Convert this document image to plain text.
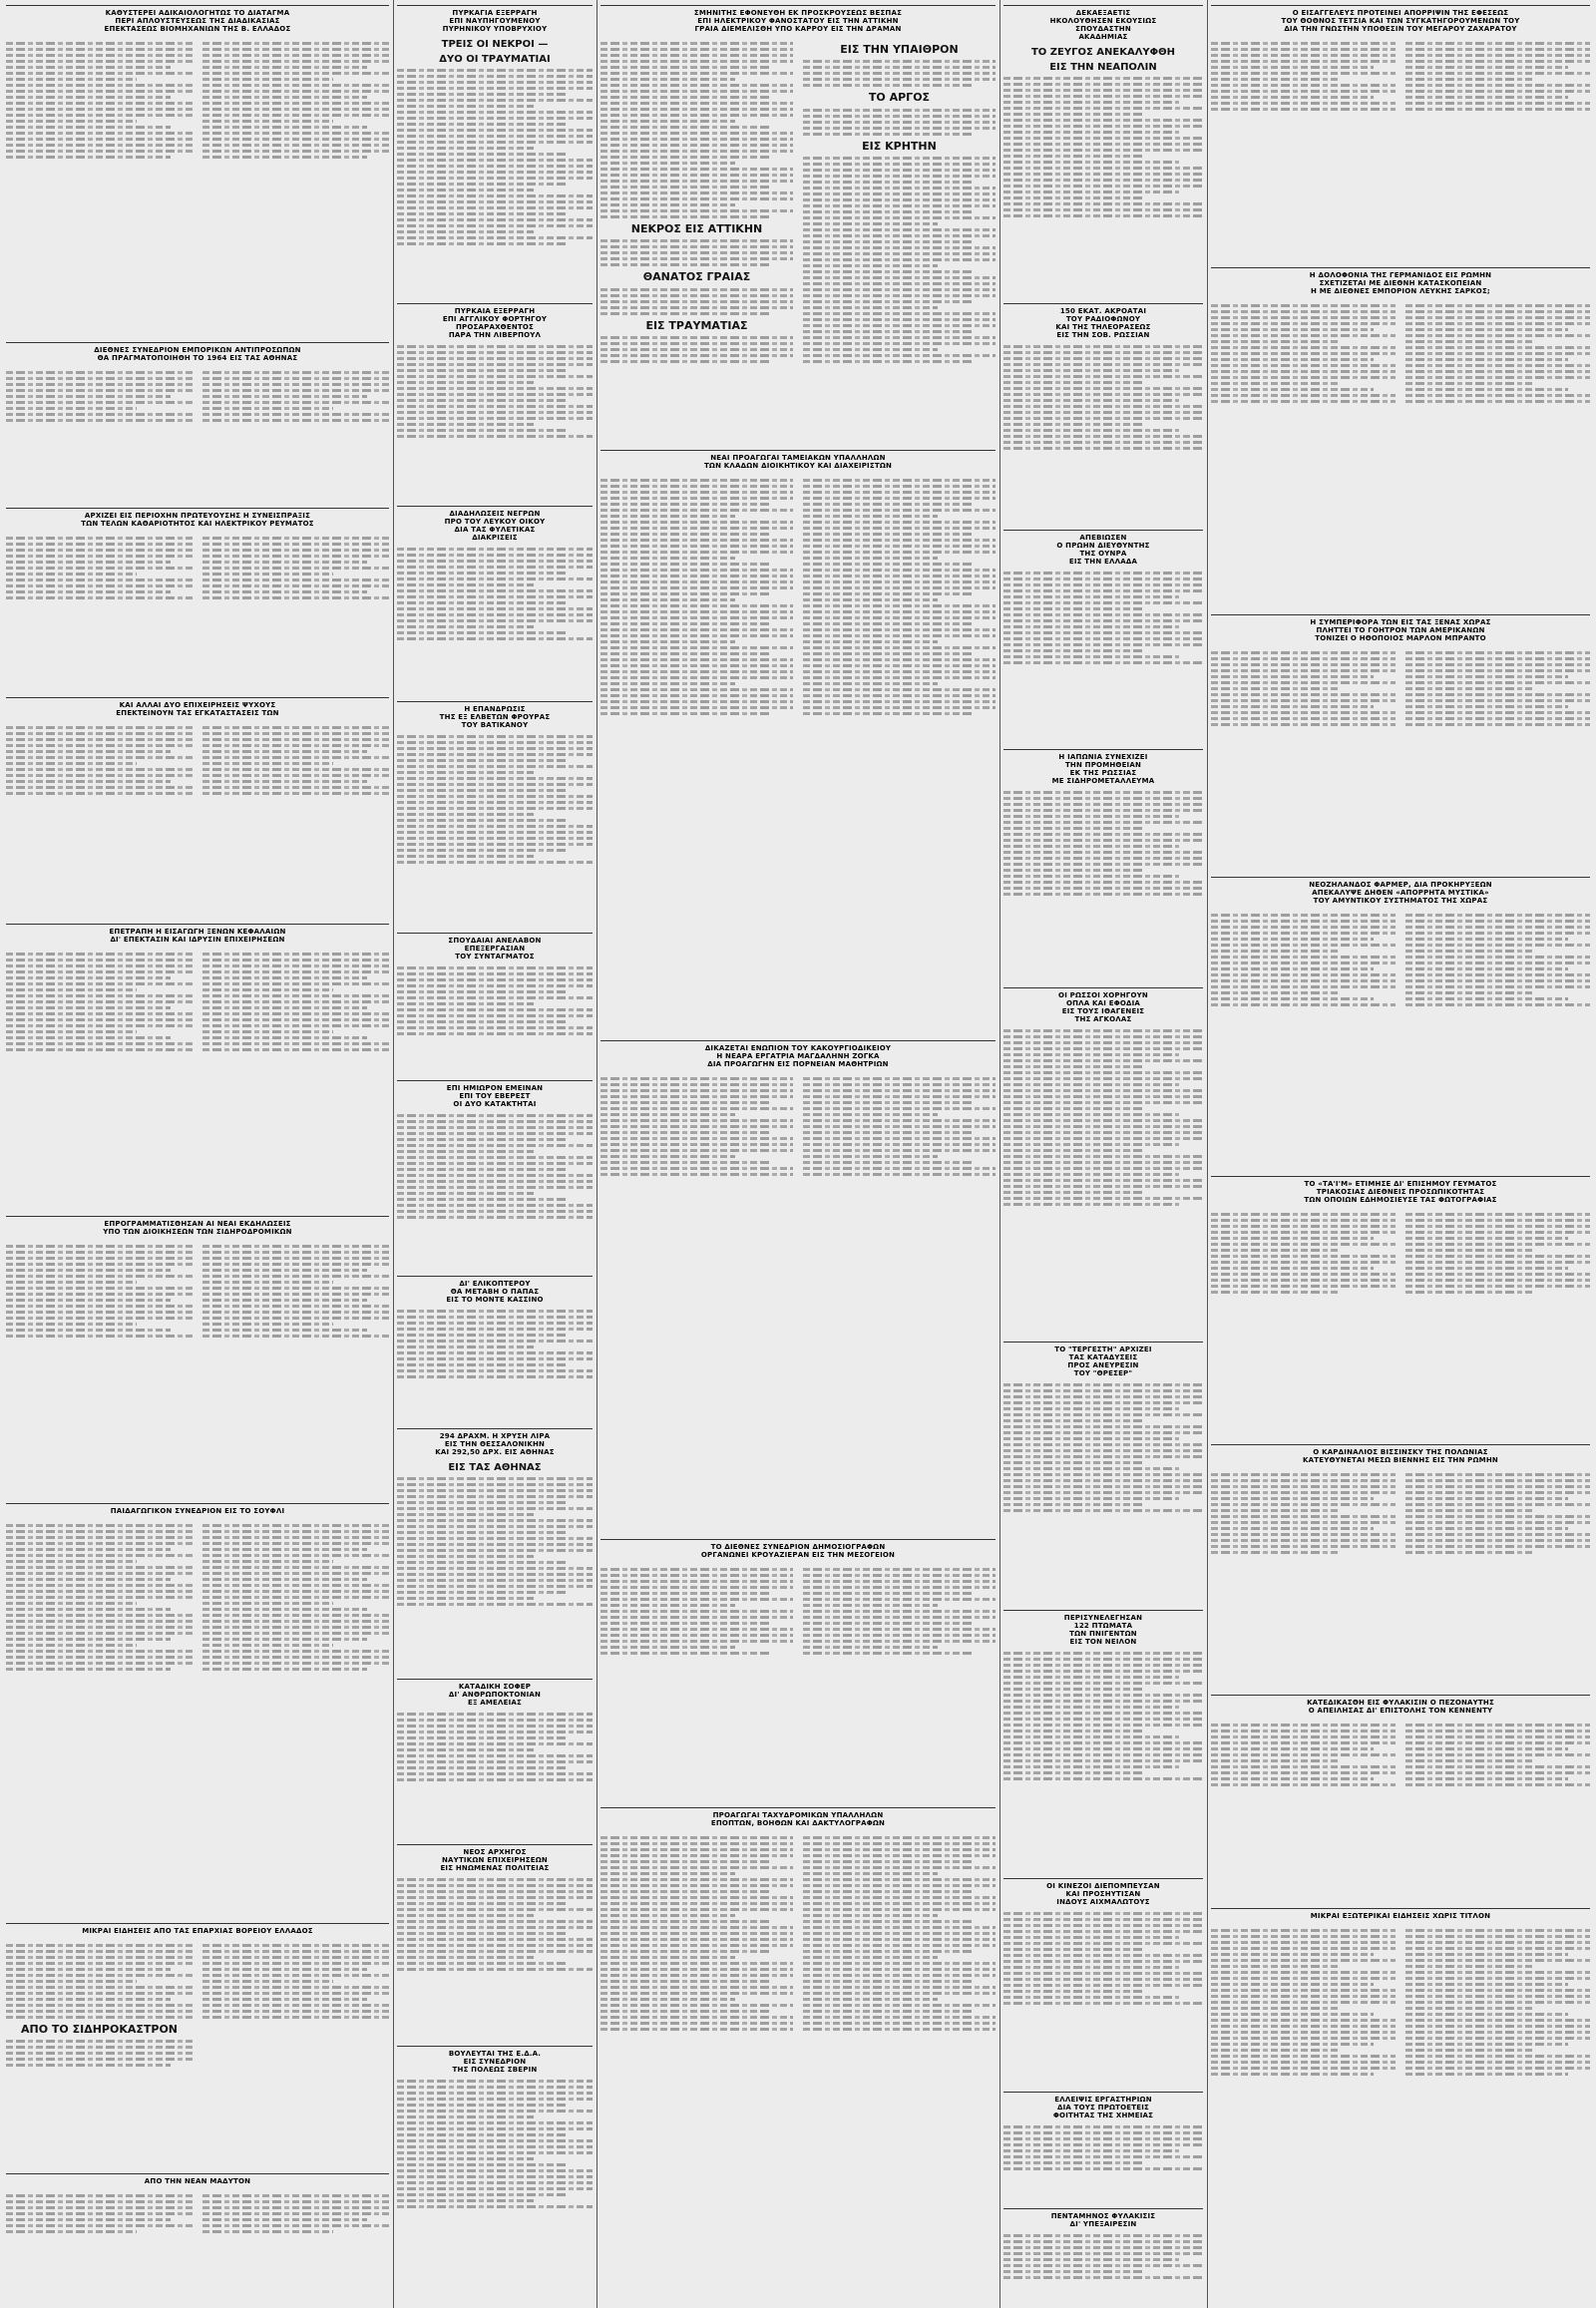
ΚΑΘΥΣΤΕΡΕΙ ΑΔΙΚΑΙΟΛΟΓΗΤΩΣ ΤΟ ΔΙΑΤΑΓΜΑ
ΠΕΡΙ ΑΠΛΟΥΣΤΕΥΣΕΩΣ ΤΗΣ ΔΙΑΔΙΚΑΣΙΑΣ
ΕΠΕΚΤΑΣΕΩΣ ΒΙΟΜΗΧΑΝΙΩΝ ΤΗΣ Β. ΕΛΛΑΔΟΣ
ΔΙΕΘΝΕΣ ΣΥΝΕΔΡΙΟΝ ΕΜΠΟΡΙΚΩΝ ΑΝΤΙΠΡΟΣΩΠΩΝ
ΘΑ ΠΡΑΓΜΑΤΟΠΟΙΗΘΗ ΤΟ 1964 ΕΙΣ ΤΑΣ ΑΘΗΝΑΣ
ΑΡΧΙΖΕΙ ΕΙΣ ΠΕΡΙΟΧΗΝ ΠΡΩΤΕΥΟΥΣΗΣ Η ΣΥΝΕΙΣΠΡΑΞΙΣ
ΤΩΝ ΤΕΛΩΝ ΚΑΘΑΡΙΟΤΗΤΟΣ ΚΑΙ ΗΛΕΚΤΡΙΚΟΥ ΡΕΥΜΑΤΟΣ
ΚΑΙ ΑΛΛΑΙ ΔΥΟ ΕΠΙΧΕΙΡΗΣΕΙΣ ΨΥΧΟΥΣ
ΕΠΕΚΤΕΙΝΟΥΝ ΤΑΣ ΕΓΚΑΤΑΣΤΑΣΕΙΣ ΤΩΝ
ΕΠΕΤΡΑΠΗ Η ΕΙΣΑΓΩΓΗ ΞΕΝΩΝ ΚΕΦΑΛΑΙΩΝ
ΔΙ' ΕΠΕΚΤΑΣΙΝ ΚΑΙ ΙΔΡΥΣΙΝ ΕΠΙΧΕΙΡΗΣΕΩΝ
ΕΠΡΟΓΡΑΜΜΑΤΙΣΘΗΣΑΝ ΑΙ ΝΕΑΙ ΕΚΔΗΛΩΣΕΙΣ
ΥΠΟ ΤΩΝ ΔΙΟΙΚΗΣΕΩΝ ΤΩΝ ΣΙΔΗΡΟΔΡΟΜΙΚΩΝ
ΠΑΙΔΑΓΩΓΙΚΟΝ ΣΥΝΕΔΡΙΟΝ ΕΙΣ ΤΟ ΣΟΥΦΛΙ
ΜΙΚΡΑΙ ΕΙΔΗΣΕΙΣ ΑΠΟ ΤΑΣ ΕΠΑΡΧΙΑΣ ΒΟΡΕΙΟΥ ΕΛΛΑΔΟΣ
ΑΠΟ ΤΟ ΣΙΔΗΡΟΚΑΣΤΡΟΝ
ΑΠΟ ΤΗΝ ΝΕΑΝ ΜΑΔΥΤΟΝ
ΠΥΡΚΑΓΙΑ ΕΞΕΡΡΑΓΗ
ΕΠΙ ΝΑΥΠΗΓΟΥΜΕΝΟΥ
ΠΥΡΗΝΙΚΟΥ ΥΠΟΒΡΥΧΙΟΥ
ΤΡΕΙΣ ΟΙ ΝΕΚΡΟΙ —
ΔΥΟ ΟΙ ΤΡΑΥΜΑΤΙΑΙ
ΠΥΡΚΑΙΑ ΕΞΕΡΡΑΓΗ
ΕΠΙ ΑΓΓΛΙΚΟΥ ΦΟΡΤΗΓΟΥ
ΠΡΟΣΑΡΑΧΘΕΝΤΟΣ
ΠΑΡΑ ΤΗΝ ΛΙΒΕΡΠΟΥΛ
ΔΙΑΔΗΛΩΣΕΙΣ ΝΕΓΡΩΝ
ΠΡΟ ΤΟΥ ΛΕΥΚΟΥ ΟΙΚΟΥ
ΔΙΑ ΤΑΣ ΦΥΛΕΤΙΚΑΣ
ΔΙΑΚΡΙΣΕΙΣ
Η ΕΠΑΝΔΡΩΣΙΣ
ΤΗΣ ΕΞ ΕΛΒΕΤΩΝ ΦΡΟΥΡΑΣ
ΤΟΥ ΒΑΤΙΚΑΝΟΥ
ΣΠΟΥΔΑΙΑΙ ΑΝΕΛΑΒΟΝ
ΕΠΕΞΕΡΓΑΣΙΑΝ
ΤΟΥ ΣΥΝΤΑΓΜΑΤΟΣ
ΕΠΙ ΗΜΙΩΡΟΝ ΕΜΕΙΝΑΝ
ΕΠΙ ΤΟΥ ΕΒΕΡΕΣΤ
ΟΙ ΔΥΟ ΚΑΤΑΚΤΗΤΑΙ
ΔΙ' ΕΛΙΚΟΠΤΕΡΟΥ
ΘΑ ΜΕΤΑΒΗ Ο ΠΑΠΑΣ
ΕΙΣ ΤΟ ΜΟΝΤΕ ΚΑΣΣΙΝΟ
294 ΔΡΑΧΜ. Η ΧΡΥΣΗ ΛΙΡΑ
ΕΙΣ ΤΗΝ ΘΕΣΣΑΛΟΝΙΚΗΝ
ΚΑΙ 292,50 ΔΡΧ. ΕΙΣ ΑΘΗΝΑΣ
ΕΙΣ ΤΑΣ ΑΘΗΝΑΣ
ΚΑΤΑΔΙΚΗ ΣΟΦΕΡ
ΔΙ' ΑΝΘΡΩΠΟΚΤΟΝΙΑΝ
ΕΞ ΑΜΕΛΕΙΑΣ
ΝΕΟΣ ΑΡΧΗΓΟΣ
ΝΑΥΤΙΚΩΝ ΕΠΙΧΕΙΡΗΣΕΩΝ
ΕΙΣ ΗΝΩΜΕΝΑΣ ΠΟΛΙΤΕΙΑΣ
ΒΟΥΛΕΥΤΑΙ ΤΗΣ Ε.Δ.Α.
ΕΙΣ ΣΥΝΕΔΡΙΟΝ
ΤΗΣ ΠΟΛΕΩΣ ΣΒΕΡΙΝ
ΣΜΗΝΙΤΗΣ ΕΦΟΝΕΥΘΗ ΕΚ ΠΡΟΣΚΡΟΥΣΕΩΣ ΒΕΣΠΑΣ
ΕΠΙ ΗΛΕΚΤΡΙΚΟΥ ΦΑΝΟΣΤΑΤΟΥ ΕΙΣ ΤΗΝ ΑΤΤΙΚΗΝ
ΓΡΑΙΑ ΔΙΕΜΕΛΙΣΘΗ ΥΠΟ ΚΑΡΡΟΥ ΕΙΣ ΤΗΝ ΔΡΑΜΑΝ
ΝΕΚΡΟΣ ΕΙΣ ΑΤΤΙΚΗΝ
ΘΑΝΑΤΟΣ ΓΡΑΙΑΣ
ΕΙΣ ΤΡΑΥΜΑΤΙΑΣ
ΕΙΣ ΤΗΝ ΥΠΑΙΘΡΟΝ
ΤΟ ΑΡΓΟΣ
ΕΙΣ ΚΡΗΤΗΝ
ΝΕΑΙ ΠΡΟΑΓΩΓΑΙ ΤΑΜΕΙΑΚΩΝ ΥΠΑΛΛΗΛΩΝ
ΤΩΝ ΚΛΑΔΩΝ ΔΙΟΙΚΗΤΙΚΟΥ ΚΑΙ ΔΙΑΧΕΙΡΙΣΤΩΝ
ΔΙΚΑΖΕΤΑΙ ΕΝΩΠΙΟΝ ΤΟΥ ΚΑΚΟΥΡΓΙΟΔΙΚΕΙΟΥ
Η ΝΕΑΡΑ ΕΡΓΑΤΡΙΑ ΜΑΓΔΑΛΗΝΗ ΖΟΓΚΑ
ΔΙΑ ΠΡΟΑΓΩΓΗΝ ΕΙΣ ΠΟΡΝΕΙΑΝ ΜΑΘΗΤΡΙΩΝ
ΤΟ ΔΙΕΘΝΕΣ ΣΥΝΕΔΡΙΟΝ ΔΗΜΟΣΙΟΓΡΑΦΩΝ
ΟΡΓΑΝΩΝΕΙ ΚΡΟΥΑΖΙΕΡΑΝ ΕΙΣ ΤΗΝ ΜΕΣΟΓΕΙΟΝ
ΠΡΟΑΓΩΓΑΙ ΤΑΧΥΔΡΟΜΙΚΩΝ ΥΠΑΛΛΗΛΩΝ
ΕΠΟΠΤΩΝ, ΒΟΗΘΩΝ ΚΑΙ ΔΑΚΤΥΛΟΓΡΑΦΩΝ
ΔΕΚΑΕΞΑΕΤΙΣ
ΗΚΟΛΟΥΘΗΣΕΝ ΕΚΟΥΣΙΩΣ
ΣΠΟΥΔΑΣΤΗΝ
ΑΚΑΔΗΜΙΑΣ
ΤΟ ΖΕΥΓΟΣ ΑΝΕΚΑΛΥΦΘΗ
ΕΙΣ ΤΗΝ ΝΕΑΠΟΛΙΝ
150 ΕΚΑΤ. ΑΚΡΟΑΤΑΙ
ΤΟΥ ΡΑΔΙΟΦΩΝΟΥ
ΚΑΙ ΤΗΣ ΤΗΛΕΟΡΑΣΕΩΣ
ΕΙΣ ΤΗΝ ΣΟΒ. ΡΩΣΣΙΑΝ
ΑΠΕΒΙΩΣΕΝ
Ο ΠΡΩΗΝ ΔΙΕΥΘΥΝΤΗΣ
ΤΗΣ ΟΥΝΡΑ
ΕΙΣ ΤΗΝ ΕΛΛΑΔΑ
Η ΙΑΠΩΝΙΑ ΣΥΝΕΧΙΖΕΙ
ΤΗΝ ΠΡΟΜΗΘΕΙΑΝ
ΕΚ ΤΗΣ ΡΩΣΣΙΑΣ
ΜΕ ΣΙΔΗΡΟΜΕΤΑΛΛΕΥΜΑ
ΟΙ ΡΩΣΣΟΙ ΧΟΡΗΓΟΥΝ
ΟΠΛΑ ΚΑΙ ΕΦΟΔΙΑ
ΕΙΣ ΤΟΥΣ ΙΘΑΓΕΝΕΙΣ
ΤΗΣ ΑΓΚΟΛΑΣ
ΤΟ "ΤΕΡΓΕΣΤΗ" ΑΡΧΙΖΕΙ
ΤΑΣ ΚΑΤΑΔΥΣΕΙΣ
ΠΡΟΣ ΑΝΕΥΡΕΣΙΝ
ΤΟΥ "ΘΡΕΣΕΡ"
ΠΕΡΙΣΥΝΕΛΕΓΗΣΑΝ
122 ΠΤΩΜΑΤΑ
ΤΩΝ ΠΝΙΓΕΝΤΩΝ
ΕΙΣ ΤΟΝ ΝΕΙΛΟΝ
ΟΙ ΚΙΝΕΖΟΙ ΔΙΕΠΟΜΠΕΥΣΑΝ
ΚΑΙ ΠΡΟΣΗΥΤΙΣΑΝ
ΙΝΔΟΥΣ ΑΙΧΜΑΛΩΤΟΥΣ
ΕΛΛΕΙΨΙΣ ΕΡΓΑΣΤΗΡΙΩΝ
ΔΙΑ ΤΟΥΣ ΠΡΩΤΟΕΤΕΙΣ
ΦΟΙΤΗΤΑΣ ΤΗΣ ΧΗΜΕΙΑΣ
ΠΕΝΤΑΜΗΝΟΣ ΦΥΛΑΚΙΣΙΣ
ΔΙ' ΥΠΕΞΑΙΡΕΣΙΝ
Ο ΕΙΣΑΓΓΕΛΕΥΣ ΠΡΟΤΕΙΝΕΙ ΑΠΟΡΡΙΨΙΝ ΤΗΣ ΕΦΕΣΕΩΣ
ΤΟΥ ΘΟΘΝΟΣ ΤΕΤΣΙΑ ΚΑΙ ΤΩΝ ΣΥΓΚΑΤΗΓΟΡΟΥΜΕΝΩΝ ΤΟΥ
ΔΙΑ ΤΗΝ ΓΝΩΣΤΗΝ ΥΠΟΘΕΣΙΝ ΤΟΥ ΜΕΓΑΡΟΥ ΖΑΧΑΡΑΤΟΥ
Η ΔΟΛΟΦΟΝΙΑ ΤΗΣ ΓΕΡΜΑΝΙΔΟΣ ΕΙΣ ΡΩΜΗΝ
ΣΧΕΤΙΖΕΤΑΙ ΜΕ ΔΙΕΘΝΗ ΚΑΤΑΣΚΟΠΕΙΑΝ
Η ΜΕ ΔΙΕΘΝΕΣ ΕΜΠΟΡΙΟΝ ΛΕΥΚΗΣ ΣΑΡΚΟΣ;
Η ΣΥΜΠΕΡΙΦΟΡΑ ΤΩΝ ΕΙΣ ΤΑΣ ΞΕΝΑΣ ΧΩΡΑΣ
ΠΛΗΤΤΕΙ ΤΟ ΓΟΗΤΡΟΝ ΤΩΝ ΑΜΕΡΙΚΑΝΩΝ
ΤΟΝΙΖΕΙ Ο ΗΘΟΠΟΙΟΣ ΜΑΡΛΟΝ ΜΠΡΑΝΤΟ
ΝΕΟΖΗΛΑΝΔΟΣ ΦΑΡΜΕΡ, ΔΙΑ ΠΡΟΚΗΡΥΞΕΩΝ
ΑΠΕΚΑΛΥΨΕ ΔΗΘΕΝ «ΑΠΟΡΡΗΤΑ ΜΥΣΤΙΚΑ»
ΤΟΥ ΑΜΥΝΤΙΚΟΥ ΣΥΣΤΗΜΑΤΟΣ ΤΗΣ ΧΩΡΑΣ
ΤΟ «ΤΑ'Ι'Μ» ΕΤΙΜΗΣΕ ΔΙ' ΕΠΙΣΗΜΟΥ ΓΕΥΜΑΤΟΣ
ΤΡΙΑΚΟΣΙΑΣ ΔΙΕΘΝΕΙΣ ΠΡΟΣΩΠΙΚΟΤΗΤΑΣ
ΤΩΝ ΟΠΟΙΩΝ ΕΔΗΜΟΣΙΕΥΣΕ ΤΑΣ ΦΩΤΟΓΡΑΦΙΑΣ
Ο ΚΑΡΔΙΝΑΛΙΟΣ ΒΙΣΣΙΝΣΚΥ ΤΗΣ ΠΟΛΩΝΙΑΣ
ΚΑΤΕΥΘΥΝΕΤΑΙ ΜΕΣΩ ΒΙΕΝΝΗΣ ΕΙΣ ΤΗΝ ΡΩΜΗΝ
ΚΑΤΕΔΙΚΑΣΘΗ ΕΙΣ ΦΥΛΑΚΙΣΙΝ Ο ΠΕΖΟΝΑΥΤΗΣ
Ο ΑΠΕΙΛΗΣΑΣ ΔΙ' ΕΠΙΣΤΟΛΗΣ ΤΟΝ ΚΕΝΝΕΝΤΥ
ΜΙΚΡΑΙ ΕΞΩΤΕΡΙΚΑΙ ΕΙΔΗΣΕΙΣ ΧΩΡΙΣ ΤΙΤΛΟΝ
